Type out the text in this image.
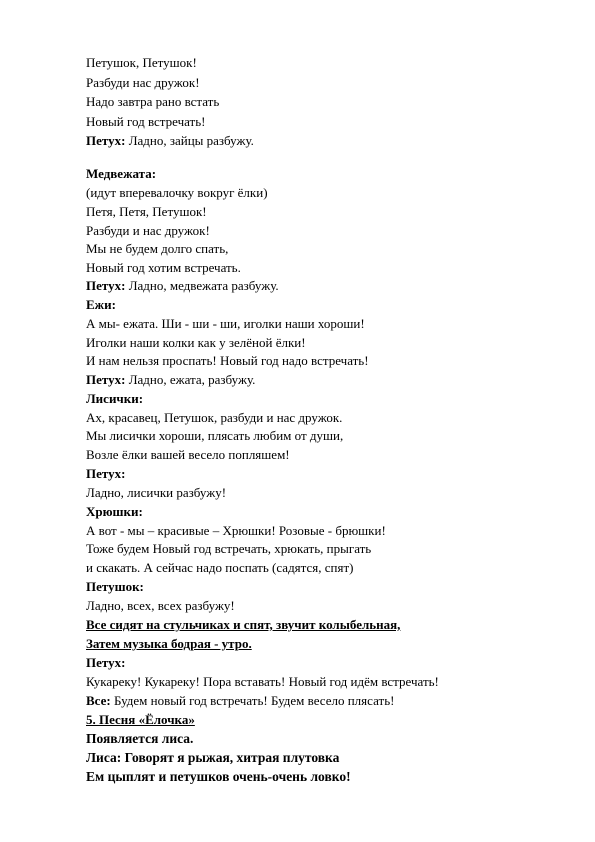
Петушок, Петушок!
Разбуди нас дружок!
Надо завтра рано встать
Новый год встречать!
Петух: Ладно, зайцы разбужу.
Медвежата:
(идут вперевалочку вокруг ёлки)
Петя, Петя, Петушок!
Разбуди и нас дружок!
Мы не будем долго спать,
Новый год хотим встречать.
Петух: Ладно, медвежата разбужу.
Ежи:
А мы- ежата. Ши - ши - ши, иголки наши хороши!
Иголки наши колки как у зелёной ёлки!
И нам нельзя проспать! Новый год надо встречать!
Петух: Ладно, ежата, разбужу.
Лисички:
Ах, красавец, Петушок, разбуди и нас дружок.
Мы лисички хороши, плясать любим от души,
Возле ёлки вашей весело попляшем!
Петух:
Ладно, лисички разбужу!
Хрюшки:
А вот - мы – красивые – Хрюшки! Розовые - брюшки!
Тоже будем Новый год встречать, хрюкать, прыгать
и скакать. А сейчас надо поспать (садятся, спят)
Петушок:
Ладно, всех, всех разбужу!
Все сидят на стульчиках и спят, звучит колыбельная,
Затем музыка бодрая - утро.
Петух:
Кукареку! Кукареку! Пора вставать! Новый год идём встречать!
Все: Будем новый год встречать! Будем весело плясать!
5. Песня «Ёлочка»
Появляется лиса.
Лиса: Говорят я рыжая, хитрая плутовка
Ем цыплят и петушков очень-очень ловко!
